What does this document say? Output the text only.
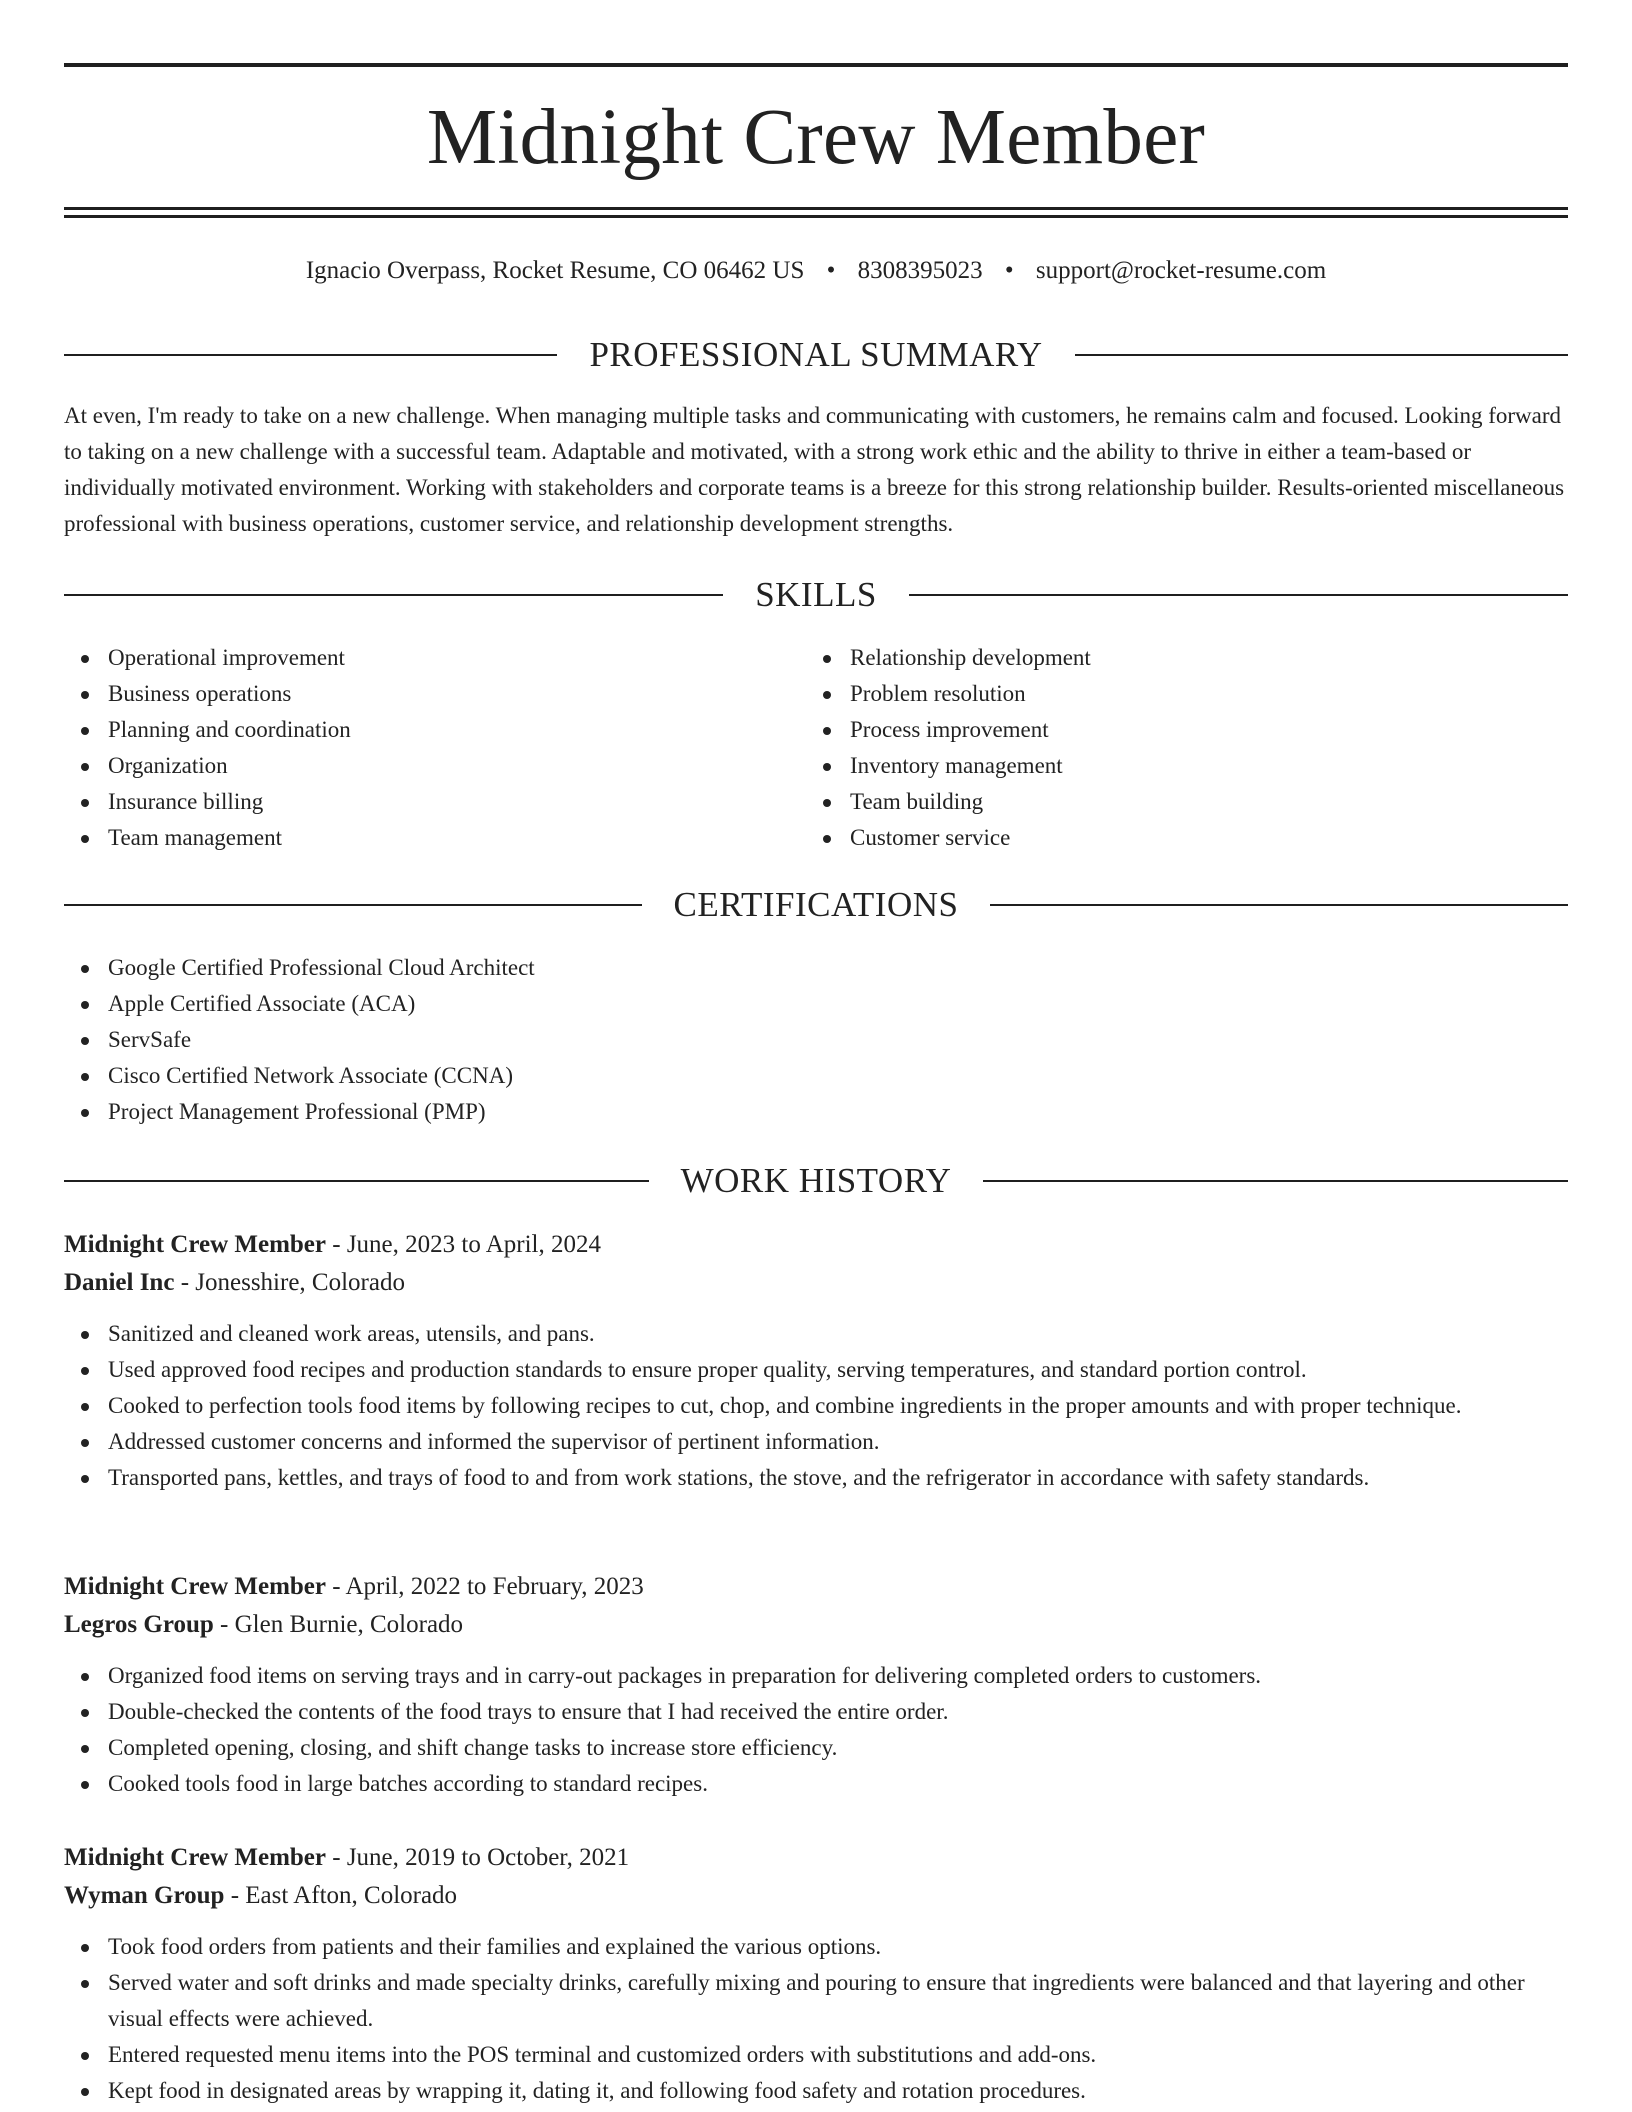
Midnight Crew Member
Ignacio Overpass, Rocket Resume, CO 06462 US • 8308395023 • support@rocket-resume.com
PROFESSIONAL SUMMARY

At even, I'm ready to take on a new challenge. When managing multiple tasks and communicating with customers, he remains calm and focused. Looking forward to taking on a new challenge with a successful team. Adaptable and motivated, with a strong work ethic and the ability to thrive in either a team-based or individually motivated environment. Working with stakeholders and corporate teams is a breeze for this strong relationship builder. Results-oriented miscellaneous professional with business operations, customer service, and relationship development strengths.

SKILLS
Operational improvement
Business operations
Planning and coordination
Organization
Insurance billing
Team management
Relationship development
Problem resolution
Process improvement
Inventory management
Team building
Customer service
CERTIFICATIONS
Google Certified Professional Cloud Architect
Apple Certified Associate (ACA)
ServSafe
Cisco Certified Network Associate (CCNA)
Project Management Professional (PMP)
WORK HISTORY
Midnight Crew Member - June, 2023 to April, 2024
Daniel Inc - Jonesshire, Colorado
Sanitized and cleaned work areas, utensils, and pans.
Used approved food recipes and production standards to ensure proper quality, serving temperatures, and standard portion control.
Cooked to perfection tools food items by following recipes to cut, chop, and combine ingredients in the proper amounts and with proper technique.
Addressed customer concerns and informed the supervisor of pertinent information.
Transported pans, kettles, and trays of food to and from work stations, the stove, and the refrigerator in accordance with safety standards.
Midnight Crew Member - April, 2022 to February, 2023
Legros Group - Glen Burnie, Colorado
Organized food items on serving trays and in carry-out packages in preparation for delivering completed orders to customers.
Double-checked the contents of the food trays to ensure that I had received the entire order.
Completed opening, closing, and shift change tasks to increase store efficiency.
Cooked tools food in large batches according to standard recipes.
Midnight Crew Member - June, 2019 to October, 2021
Wyman Group - East Afton, Colorado
Took food orders from patients and their families and explained the various options.
Served water and soft drinks and made specialty drinks, carefully mixing and pouring to ensure that ingredients were balanced and that layering and other visual effects were achieved.
Entered requested menu items into the POS terminal and customized orders with substitutions and add-ons.
Kept food in designated areas by wrapping it, dating it, and following food safety and rotation procedures.
